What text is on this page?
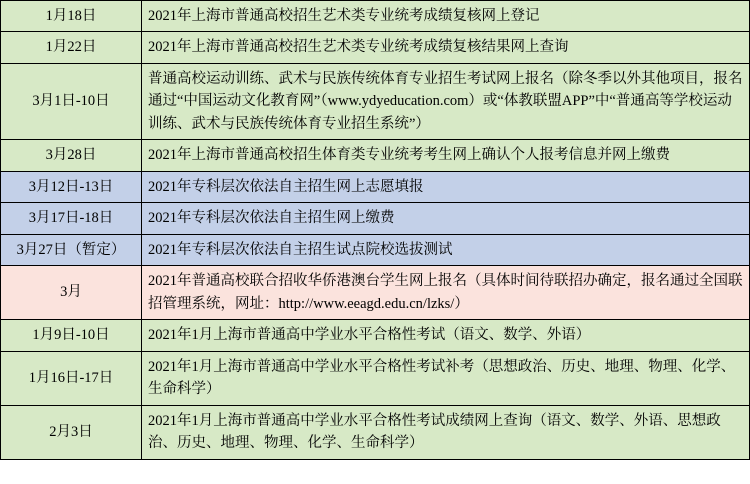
1月18日	2021年上海市普通高校招生艺术类专业统考成绩复核网上登记

1月22日	2021年上海市普通高校招生艺术类专业统考成绩复核结果网上查询

3月1日-10日	普通高校运动训练、武术与民族传统体育专业招生考试网上报名（除冬季以外其他项目，报名通过“中国运动文化教育网”（www.ydyeducation.com）或“体教联盟APP”中“普通高等学校运动训练、武术与民族传统体育专业招生系统”）

3月28日	2021年上海市普通高校招生体育类专业统考考生网上确认个人报考信息并网上缴费

3月12日-13日	2021年专科层次依法自主招生网上志愿填报

3月17日-18日	2021年专科层次依法自主招生网上缴费

3月27日（暂定）	2021年专科层次依法自主招生试点院校选拔测试

3月	2021年普通高校联合招收华侨港澳台学生网上报名（具体时间待联招办确定，报名通过全国联招管理系统，网址：http://www.eeagd.edu.cn/lzks/）

1月9日-10日	2021年1月上海市普通高中学业水平合格性考试（语文、数学、外语）

1月16日-17日	2021年1月上海市普通高中学业水平合格性考试补考（思想政治、历史、地理、物理、化学、生命科学）

2月3日	2021年1月上海市普通高中学业水平合格性考试成绩网上查询（语文、数学、外语、思想政治、历史、地理、物理、化学、生命科学）
